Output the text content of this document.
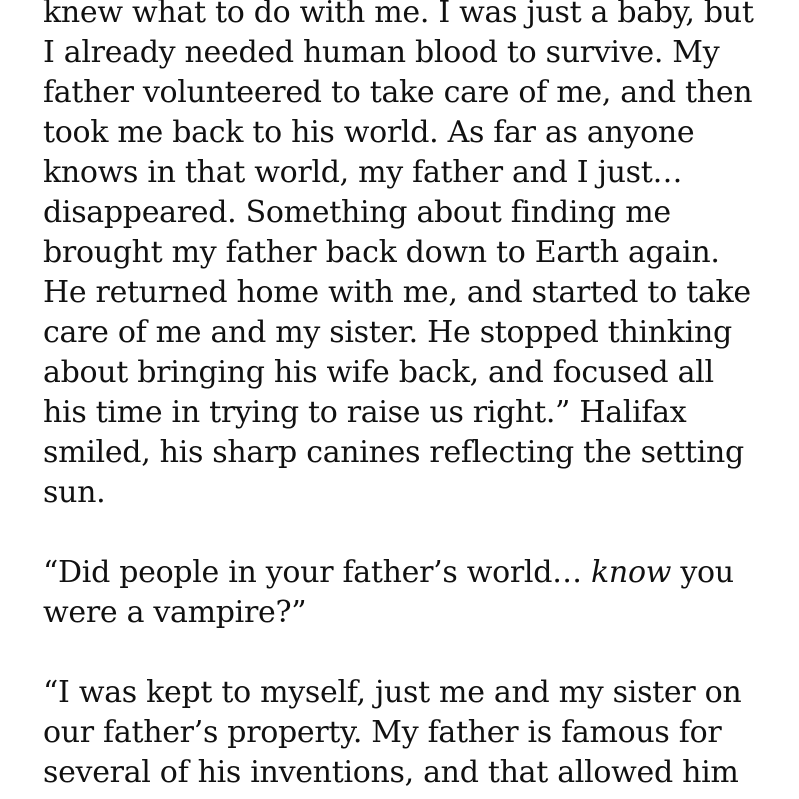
knew what to do with me. I was just a baby, but
I already needed human blood to survive. My
father volunteered to take care of me, and then
took me back to his world. As far as anyone
knows in that world, my father and I just…
disappeared. Something about finding me
brought my father back down to Earth again.
He returned home with me, and started to take
care of me and my sister. He stopped thinking
about bringing his wife back, and focused all
his time in trying to raise us right.” Halifax
smiled, his sharp canines reflecting the setting
sun.
“Did people in your father’s world… know you
were a vampire?”
“I was kept to myself, just me and my sister on
our father’s property. My father is famous for
several of his inventions, and that allowed him
